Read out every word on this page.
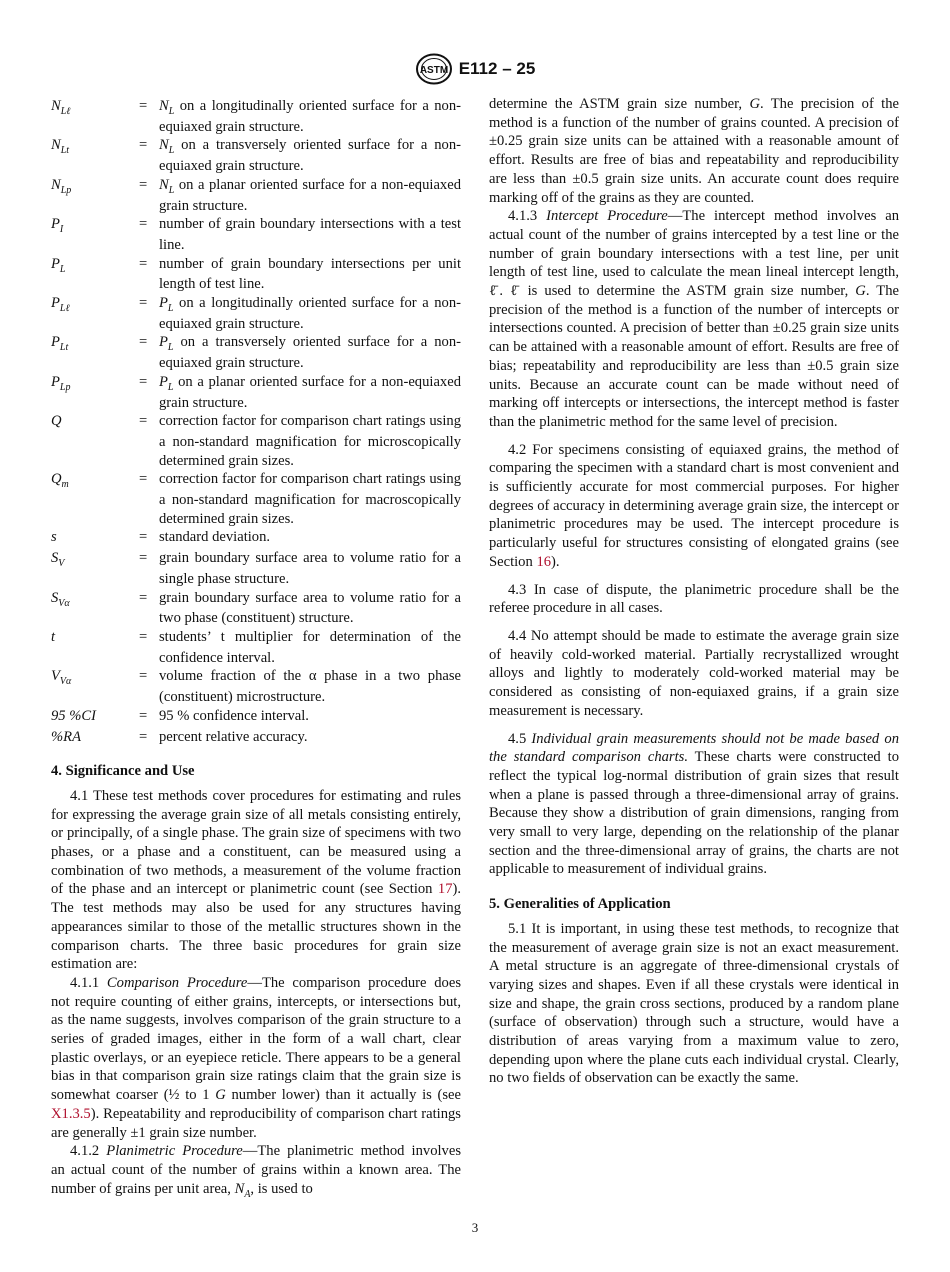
ASTM E112 – 25
$N_{L\ell}$	= $N_L$ on a longitudinally oriented surface for a non-equiaxed grain structure.
$N_{Lt}$	= $N_L$ on a transversely oriented surface for a non-equiaxed grain structure.
$N_{Lp}$	= $N_L$ on a planar oriented surface for a non-equiaxed grain structure.
$P_I$	= number of grain boundary intersections with a test line.
$P_L$	= number of grain boundary intersections per unit length of test line.
$P_{L\ell}$	= $P_L$ on a longitudinally oriented surface for a non-equiaxed grain structure.
$P_{Lt}$	= $P_L$ on a transversely oriented surface for a non-equiaxed grain structure.
$P_{Lp}$	= $P_L$ on a planar oriented surface for a non-equiaxed grain structure.
Q	= correction factor for comparison chart ratings using a non-standard magnification for microscopically determined grain sizes.
$Q_m$	= correction factor for comparison chart ratings using a non-standard magnification for macroscopically determined grain sizes.
s	= standard deviation.
$S_V$	= grain boundary surface area to volume ratio for a single phase structure.
$S_{V\alpha}$	= grain boundary surface area to volume ratio for a two phase (constituent) structure.
t	= students’ t multiplier for determination of the confidence interval.
$V_{V\alpha}$	= volume fraction of the α phase in a two phase (constituent) microstructure.
95 %CI	= 95 % confidence interval.
%RA	= percent relative accuracy.
4. Significance and Use

4.1 These test methods cover procedures for estimating and rules for expressing the average grain size of all metals consisting entirely, or principally, of a single phase. The grain size of specimens with two phases, or a phase and a constituent, can be measured using a combination of two methods, a measurement of the volume fraction of the phase and an intercept or planimetric count (see Section 17). The test methods may also be used for any structures having appearances similar to those of the metallic structures shown in the comparison charts. The three basic procedures for grain size estimation are:

4.1.1 Comparison Procedure—The comparison procedure does not require counting of either grains, intercepts, or intersections but, as the name suggests, involves comparison of the grain structure to a series of graded images, either in the form of a wall chart, clear plastic overlays, or an eyepiece reticle. There appears to be a general bias in that comparison grain size ratings claim that the grain size is somewhat coarser (½ to 1 G number lower) than it actually is (see X1.3.5). Repeatability and reproducibility of comparison chart ratings are generally ±1 grain size number.

4.1.2 Planimetric Procedure—The planimetric method involves an actual count of the number of grains within a known area. The number of grains per unit area, $N_A$, is used to

determine the ASTM grain size number, G. The precision of the method is a function of the number of grains counted. A precision of ±0.25 grain size units can be attained with a reasonable amount of effort. Results are free of bias and repeatability and reproducibility are less than ±0.5 grain size units. An accurate count does require marking off of the grains as they are counted.

4.1.3 Intercept Procedure—The intercept method involves an actual count of the number of grains intercepted by a test line or the number of grain boundary intersections with a test line, per unit length of test line, used to calculate the mean lineal intercept length, ℓ̄. ℓ̄ is used to determine the ASTM grain size number, G. The precision of the method is a function of the number of intercepts or intersections counted. A precision of better than ±0.25 grain size units can be attained with a reasonable amount of effort. Results are free of bias; repeatability and reproducibility are less than ±0.5 grain size units. Because an accurate count can be made without need of marking off intercepts or intersections, the intercept method is faster than the planimetric method for the same level of precision.

4.2 For specimens consisting of equiaxed grains, the method of comparing the specimen with a standard chart is most convenient and is sufficiently accurate for most commercial purposes. For higher degrees of accuracy in determining average grain size, the intercept or planimetric procedures may be used. The intercept procedure is particularly useful for structures consisting of elongated grains (see Section 16).

4.3 In case of dispute, the planimetric procedure shall be the referee procedure in all cases.

4.4 No attempt should be made to estimate the average grain size of heavily cold-worked material. Partially recrystallized wrought alloys and lightly to moderately cold-worked material may be considered as consisting of non-equiaxed grains, if a grain size measurement is necessary.

4.5 Individual grain measurements should not be made based on the standard comparison charts. These charts were constructed to reflect the typical log-normal distribution of grain sizes that result when a plane is passed through a three-dimensional array of grains. Because they show a distribution of grain dimensions, ranging from very small to very large, depending on the relationship of the planar section and the three-dimensional array of grains, the charts are not applicable to measurement of individual grains.

5. Generalities of Application

5.1 It is important, in using these test methods, to recognize that the measurement of average grain size is not an exact measurement. A metal structure is an aggregate of three-dimensional crystals of varying sizes and shapes. Even if all these crystals were identical in size and shape, the grain cross sections, produced by a random plane (surface of observation) through such a structure, would have a distribution of areas varying from a maximum value to zero, depending upon where the plane cuts each individual crystal. Clearly, no two fields of observation can be exactly the same.

3
